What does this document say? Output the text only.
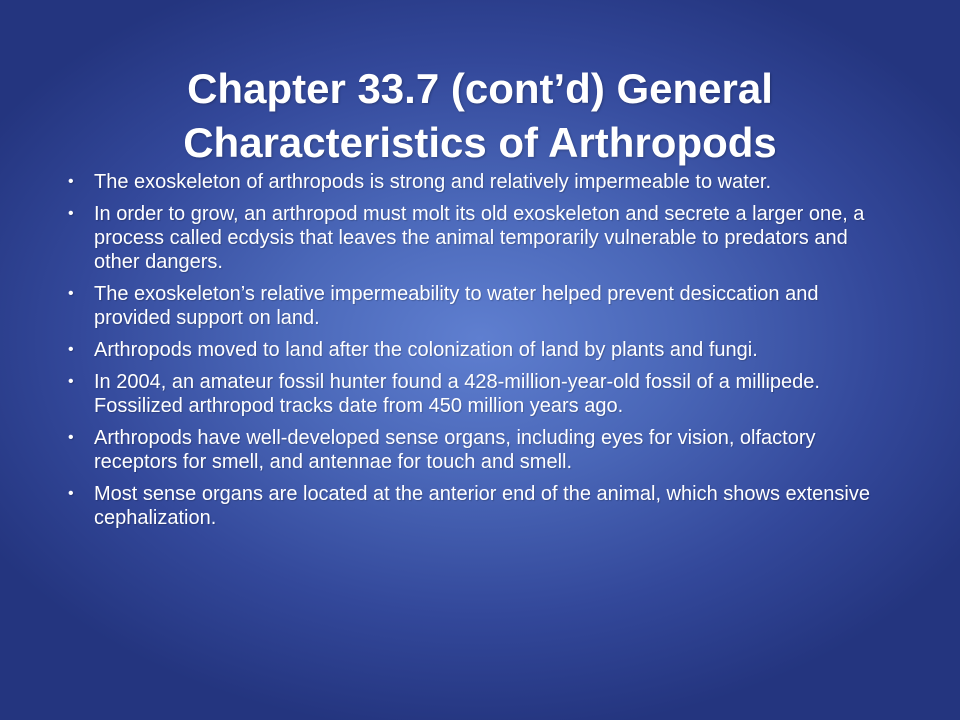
Chapter 33.7 (cont’d) General
Characteristics of Arthropods
• The exoskeleton of arthropods is strong and relatively impermeable to water.
• In order to grow, an arthropod must molt its old exoskeleton and secrete a larger one, a process called ecdysis that leaves the animal temporarily vulnerable to predators and other dangers.
• The exoskeleton’s relative impermeability to water helped prevent desiccation and provided support on land.
• Arthropods moved to land after the colonization of land by plants and fungi.
• In 2004, an amateur fossil hunter found a 428-million-year-old fossil of a millipede. Fossilized arthropod tracks date from 450 million years ago.
• Arthropods have well-developed sense organs, including eyes for vision, olfactory receptors for smell, and antennae for touch and smell.
• Most sense organs are located at the anterior end of the animal, which shows extensive cephalization.
